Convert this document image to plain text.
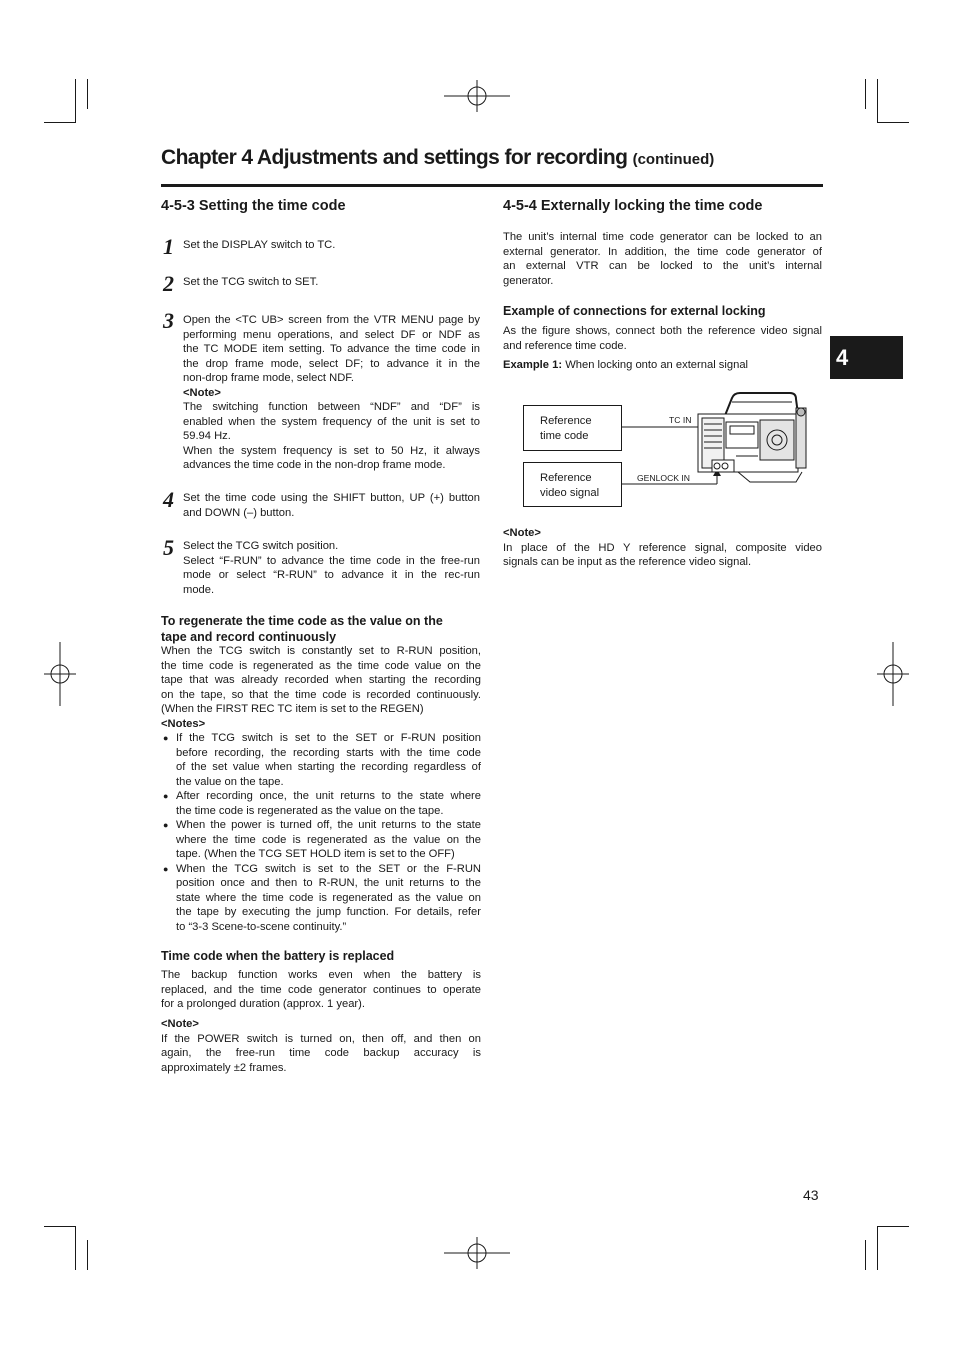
Chapter 4 Adjustments and settings for recording (continued)
4
4-5-3 Setting the time code
1 Set the DISPLAY switch to TC.
2 Set the TCG switch to SET.
3 Open the <TC UB> screen from the VTR MENU page by
performing menu operations, and select DF or NDF as
the TC MODE item setting. To advance the time code in
the drop frame mode, select DF; to advance it in the
non-drop frame mode, select NDF.
<Note>
The switching function between “NDF” and “DF” is
enabled when the system frequency of the unit is set to
59.94 Hz.
When the system frequency is set to 50 Hz, it always
advances the time code in the non-drop frame mode.
4 Set the time code using the SHIFT button, UP (+) button
and DOWN (–) button.
5 Select the TCG switch position.
Select “F-RUN” to advance the time code in the free-run
mode or select “R-RUN” to advance it in the rec-run
mode.
To regenerate the time code as the value on the
tape and record continuously
When the TCG switch is constantly set to R-RUN position,
the time code is regenerated as the time code value on the
tape that was already recorded when starting the recording
on the tape, so that the time code is recorded continuously.
(When the FIRST REC TC item is set to the REGEN)
<Notes>
● If the TCG switch is set to the SET or F-RUN position
before recording, the recording starts with the time code
of the set value when starting the recording regardless of
the value on the tape.
● After recording once, the unit returns to the state where
the time code is regenerated as the value on the tape.
● When the power is turned off, the unit returns to the state
where the time code is regenerated as the value on the
tape. (When the TCG SET HOLD item is set to the OFF)
● When the TCG switch is set to the SET or the F-RUN
position once and then to R-RUN, the unit returns to the
state where the time code is regenerated as the value on
the tape by executing the jump function. For details, refer
to “3-3 Scene-to-scene continuity.”
Time code when the battery is replaced
The backup function works even when the battery is
replaced, and the time code generator continues to operate
for a prolonged duration (approx. 1 year).
<Note>
If the POWER switch is turned on, then off, and then on
again, the free-run time code backup accuracy is
approximately ±2 frames.
4-5-4 Externally locking the time code
The unit’s internal time code generator can be locked to an
external generator. In addition, the time code generator of
an external VTR can be locked to the unit’s internal
generator.
Example of connections for external locking
As the figure shows, connect both the reference video signal
and reference time code.
Example 1: When locking onto an external signal
Reference
time code
Reference
video signal
TC IN
GENLOCK IN
<Note>
In place of the HD Y reference signal, composite video
signals can be input as the reference video signal.
43
